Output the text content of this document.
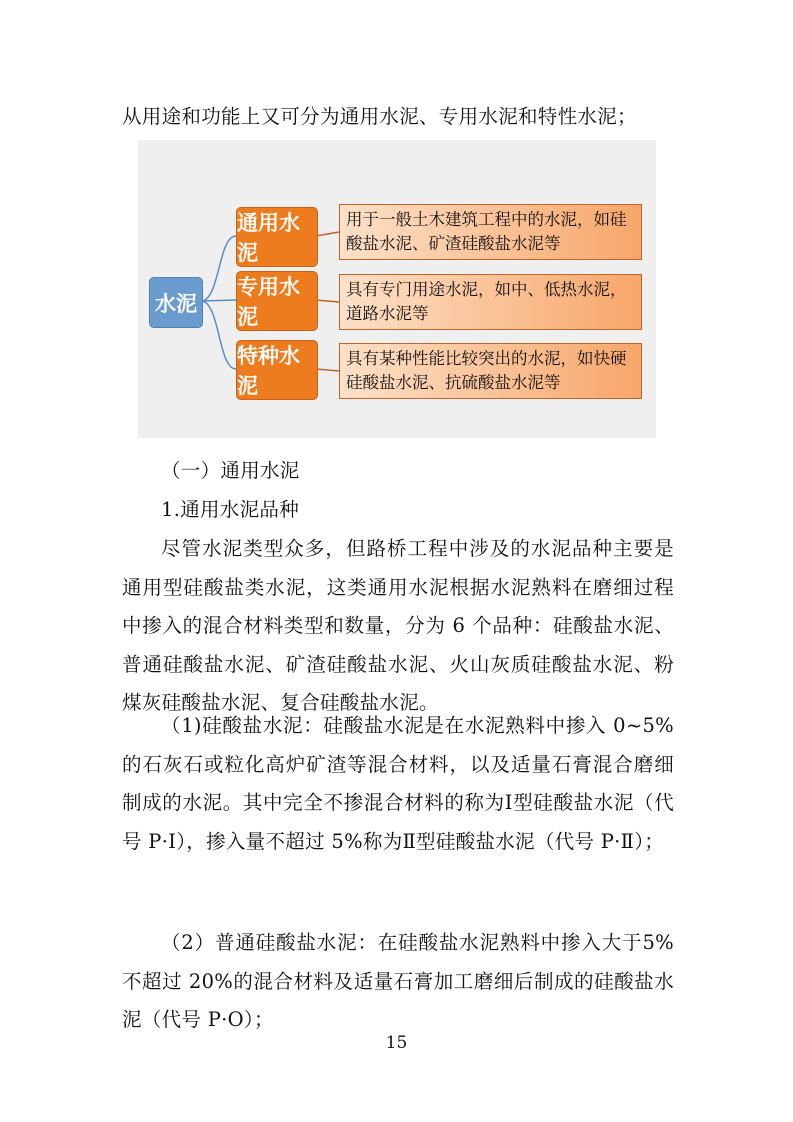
从用途和功能上又可分为通用水泥、专用水泥和特性水泥；

水泥
通用水泥
专用水泥
特种水泥
用于一般土木建筑工程中的水泥，如硅酸盐水泥、矿渣硅酸盐水泥等
具有专门用途水泥，如中、低热水泥，道路水泥等
具有某种性能比较突出的水泥，如快硬硅酸盐水泥、抗硫酸盐水泥等

（一）通用水泥

1.通用水泥品种

尽管水泥类型众多，但路桥工程中涉及的水泥品种主要是通用型硅酸盐类水泥，这类通用水泥根据水泥熟料在磨细过程中掺入的混合材料类型和数量，分为 6 个品种：硅酸盐水泥、普通硅酸盐水泥、矿渣硅酸盐水泥、火山灰质硅酸盐水泥、粉煤灰硅酸盐水泥、复合硅酸盐水泥。

（1)硅酸盐水泥：硅酸盐水泥是在水泥熟料中掺入 0~5%的石灰石或粒化高炉矿渣等混合材料，以及适量石膏混合磨细制成的水泥。其中完全不掺混合材料的称为Ⅰ型硅酸盐水泥（代号 P·Ⅰ），掺入量不超过 5%称为Ⅱ型硅酸盐水泥（代号 P·Ⅱ）；

（2）普通硅酸盐水泥：在硅酸盐水泥熟料中掺入大于5%不超过 20%的混合材料及适量石膏加工磨细后制成的硅酸盐水泥（代号 P·O）；

15
